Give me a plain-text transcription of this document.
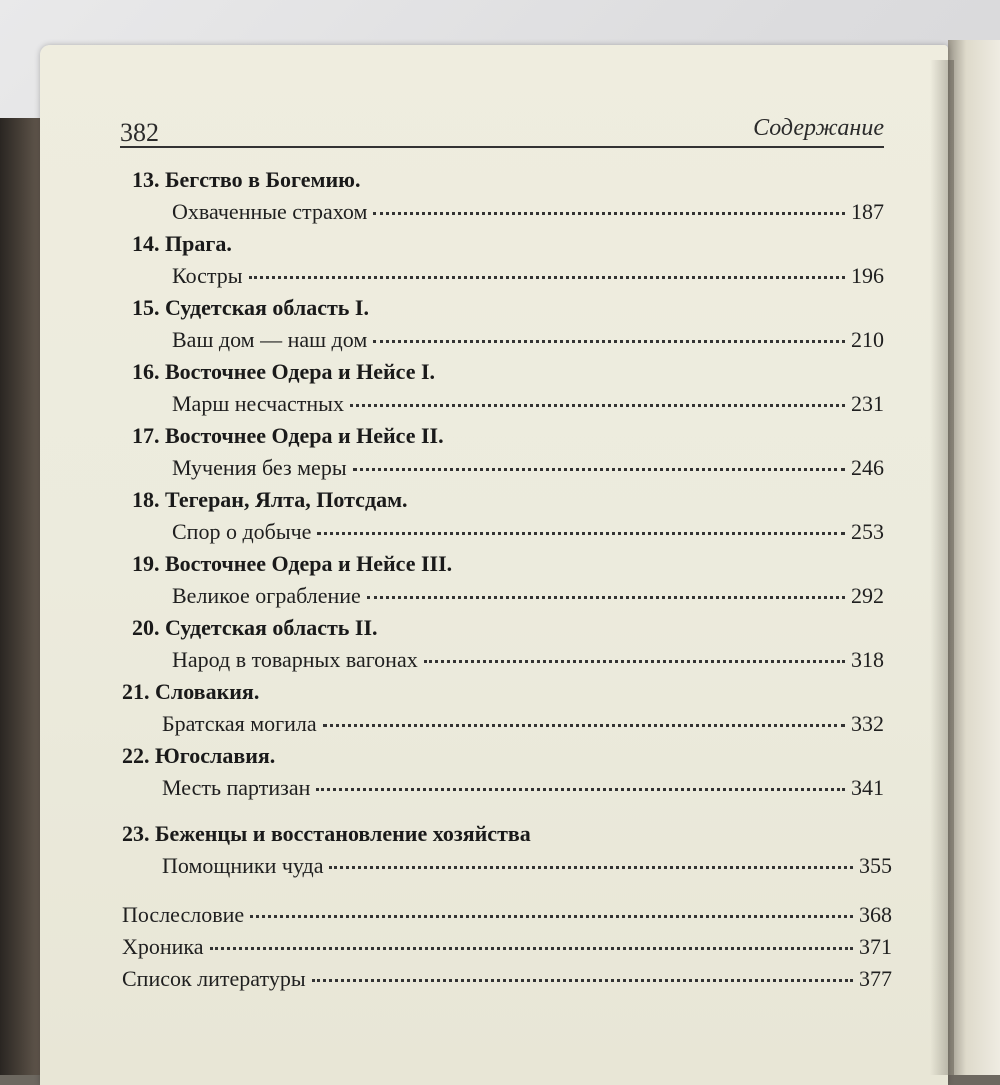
382	Содержание
13. Бегство в Богемию.
Охваченные страхом	187
14. Прага.
Костры	196
15. Судетская область I.
Ваш дом — наш дом	210
16. Восточнее Одера и Нейсе I.
Марш несчастных	231
17. Восточнее Одера и Нейсе II.
Мучения без меры	246
18. Тегеран, Ялта, Потсдам.
Спор о добыче	253
19. Восточнее Одера и Нейсе III.
Великое ограбление	292
20. Судетская область II.
Народ в товарных вагонах	318
21. Словакия.
Братская могила	332
22. Югославия.
Месть партизан	341
23. Беженцы и восстановление хозяйства
Помощники чуда	355
Послесловие	368
Хроника	371
Список литературы	377
